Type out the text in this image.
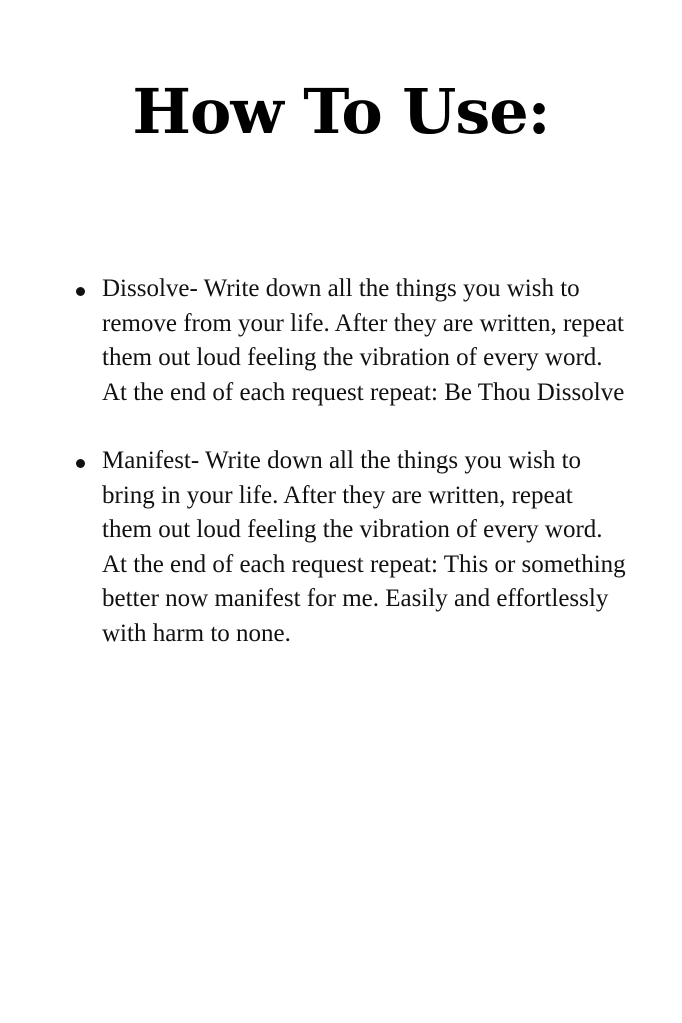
How To Use:
Dissolve- Write down all the things you wish to remove from your life. After they are written, repeat them out loud feeling the vibration of every word. At the end of each request repeat: Be Thou Dissolve
Manifest- Write down all the things you wish to bring in your life. After they are written, repeat them out loud feeling the vibration of every word. At the end of each request repeat: This or something better now manifest for me. Easily and effortlessly with harm to none.
